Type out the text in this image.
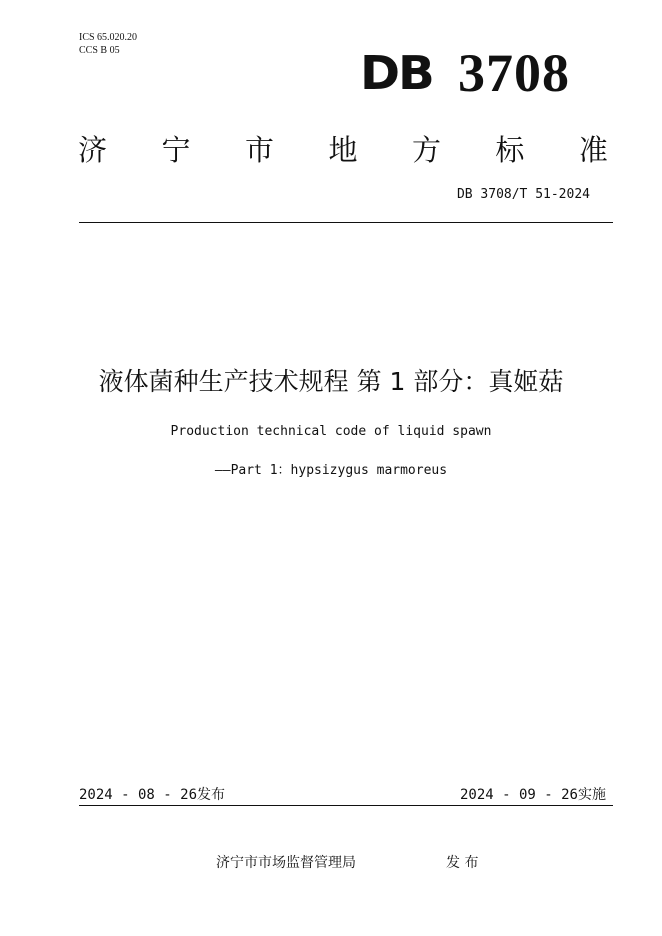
ICS 65.020.20
CCS B 05	DB 3708
济 宁 市 地 方 标 准
DB 3708/T 51-2024
液体菌种生产技术规程 第 1 部分：真姬菇
Production technical code of liquid spawn
——Part 1：hypsizygus marmoreus
2024 - 08 - 26发布	2024 - 09 - 26实施
济宁市市场监督管理局	发 布
